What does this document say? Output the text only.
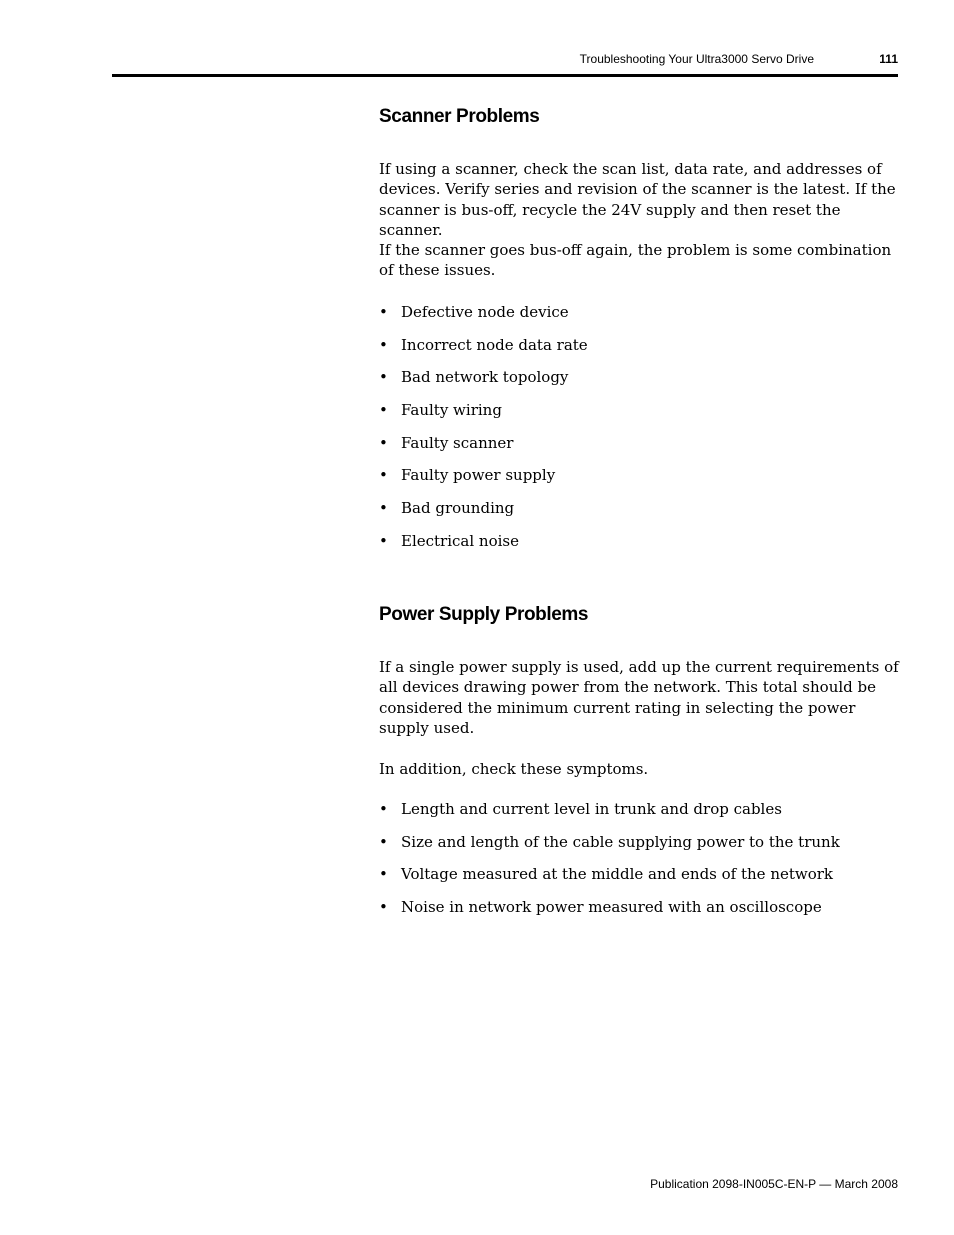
Troubleshooting Your Ultra3000 Servo Drive	111
Scanner Problems

If using a scanner, check the scan list, data rate, and addresses of devices. Verify series and revision of the scanner is the latest. If the scanner is bus-off, recycle the 24V supply and then reset the scanner.

If the scanner goes bus-off again, the problem is some combination of these issues.

• Defective node device
• Incorrect node data rate
• Bad network topology
• Faulty wiring
• Faulty scanner
• Faulty power supply
• Bad grounding
• Electrical noise
Power Supply Problems

If a single power supply is used, add up the current requirements of all devices drawing power from the network. This total should be considered the minimum current rating in selecting the power supply used.

In addition, check these symptoms.

• Length and current level in trunk and drop cables
• Size and length of the cable supplying power to the trunk
• Voltage measured at the middle and ends of the network
• Noise in network power measured with an oscilloscope
Publication 2098-IN005C-EN-P — March 2008
